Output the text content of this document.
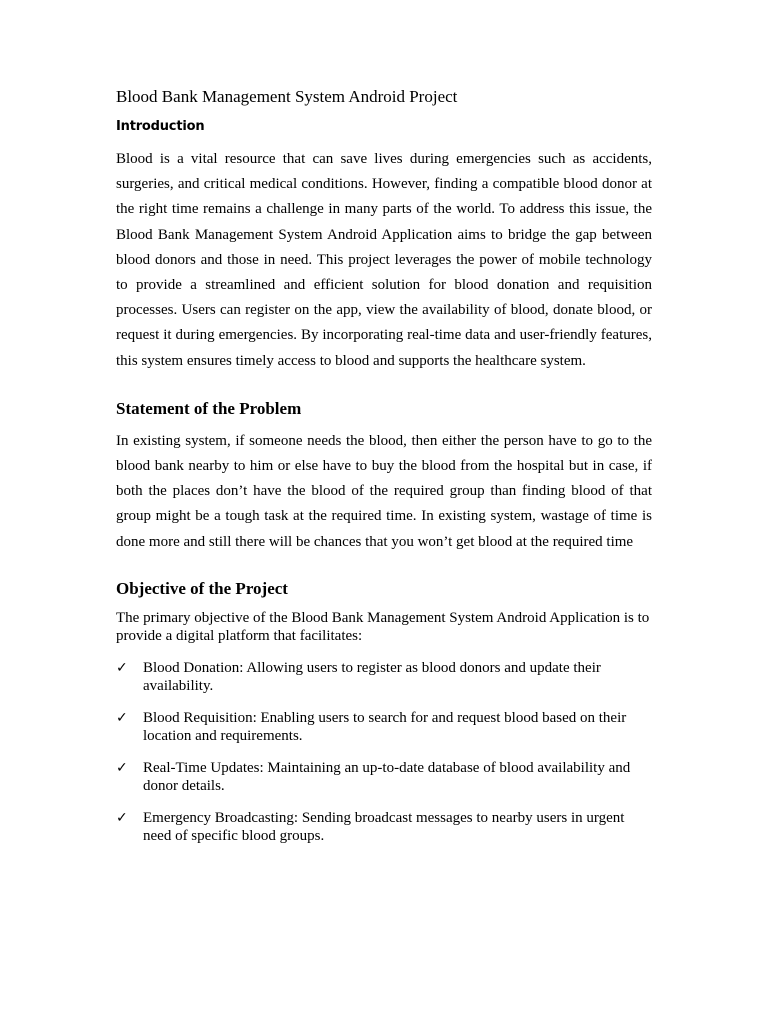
Blood Bank Management System Android Project
Introduction

Blood is a vital resource that can save lives during emergencies such as accidents, surgeries, and critical medical conditions. However, finding a compatible blood donor at the right time remains a challenge in many parts of the world. To address this issue, the Blood Bank Management System Android Application aims to bridge the gap between blood donors and those in need. This project leverages the power of mobile technology to provide a streamlined and efficient solution for blood donation and requisition processes. Users can register on the app, view the availability of blood, donate blood, or request it during emergencies. By incorporating real-time data and user-friendly features, this system ensures timely access to blood and supports the healthcare system.

Statement of the Problem

In existing system, if someone needs the blood, then either the person have to go to the blood bank nearby to him or else have to buy the blood from the hospital but in case, if both the places don’t have the blood of the required group than finding blood of that group might be a tough task at the required time. In existing system, wastage of time is done more and still there will be chances that you won’t get blood at the required time

Objective of the Project

The primary objective of the Blood Bank Management System Android Application is to provide a digital platform that facilitates:

✓ Blood Donation: Allowing users to register as blood donors and update their availability.
✓ Blood Requisition: Enabling users to search for and request blood based on their location and requirements.
✓ Real-Time Updates: Maintaining an up-to-date database of blood availability and donor details.
✓ Emergency Broadcasting: Sending broadcast messages to nearby users in urgent need of specific blood groups.
